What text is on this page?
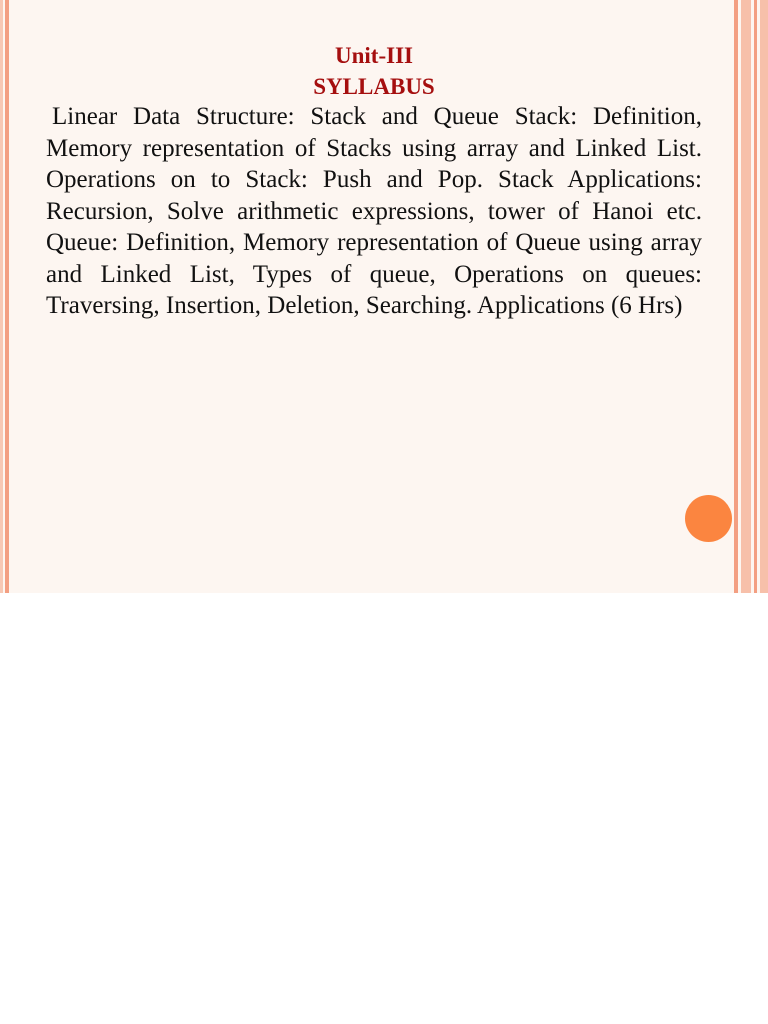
Unit-III
SYLLABUS
Linear Data Structure: Stack and Queue Stack: Definition, Memory representation of Stacks using array and Linked List. Operations on to Stack: Push and Pop. Stack Applications: Recursion, Solve arithmetic expressions, tower of Hanoi etc. Queue: Definition, Memory representation of Queue using array and Linked List, Types of queue, Operations on queues: Traversing, Insertion, Deletion, Searching. Applications (6 Hrs)
